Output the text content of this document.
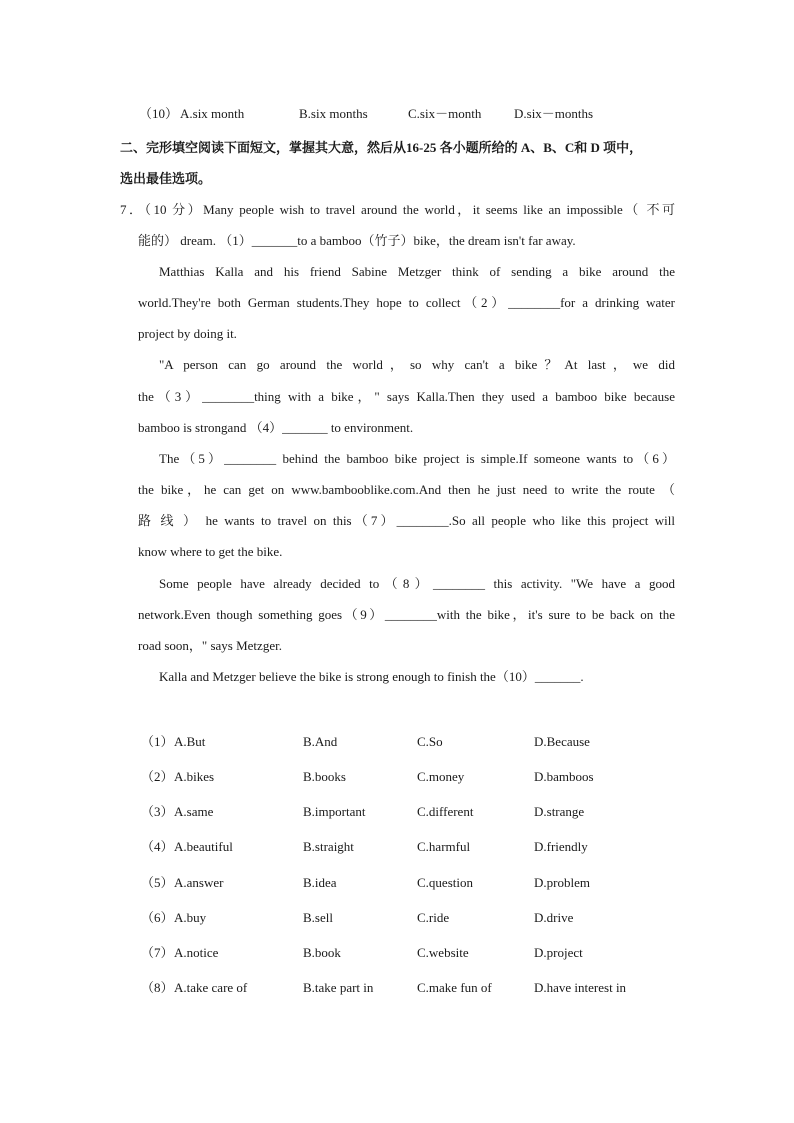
（10） A.six month	B.six months	C.six－month	D.six－months
二、完形填空阅读下面短文，掌握其大意，然后从16-25 各小题所给的 A、B、C和 D 项中，
选出最佳选项。
7．（10 分）Many people wish to travel around the world，it seems like an impossible（ 不可
能的） dream. （1）_______to a bamboo（竹子）bike，the dream isn't far away.
Matthias Kalla and his friend Sabine Metzger think of sending a bike around the
world.They're both German students.They hope to collect（2）________for a drinking water
project by doing it.
"A person can go around the world，so why can't a bike？At last，we did
the（3）________thing with a bike，" says Kalla.Then they used a bamboo bike because
bamboo is strongand （4）_______ to environment.
The（5）________ behind the bamboo bike project is simple.If someone wants to（6）
the bike，he can get on www.bambooblike.com.And then he just need to write the route （
路 线 ） he wants to travel on this（7）________.So all people who like this project will
know where to get the bike.
Some people have already decided to（8）________ this activity. "We have a good
network.Even though something goes（9）________with the bike，it's sure to be back on the
road soon，" says Metzger.
Kalla and Metzger believe the bike is strong enough to finish the（10）_______.
（1） A.But	B.And	C.So	D.Because
（2） A.bikes	B.books	C.money	D.bamboos
（3） A.same	B.important	C.different	D.strange
（4） A.beautiful	B.straight	C.harmful	D.friendly
（5） A.answer	B.idea	C.question	D.problem
（6） A.buy	B.sell	C.ride	D.drive
（7） A.notice	B.book	C.website	D.project
（8） A.take care of	B.take part in	C.make fun of	D.have interest in
